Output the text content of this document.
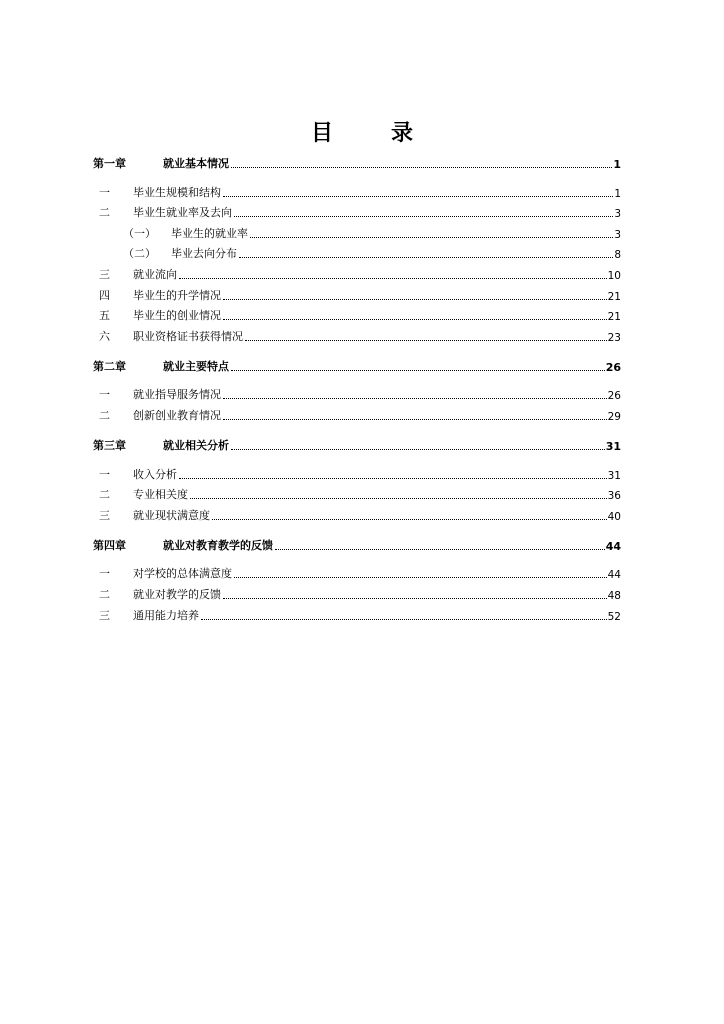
目　录
第一章	就业基本情况	1
一	毕业生规模和结构	1
二	毕业生就业率及去向	3
（一）	毕业生的就业率	3
（二）	毕业去向分布	8
三	就业流向	10
四	毕业生的升学情况	21
五	毕业生的创业情况	21
六	职业资格证书获得情况	23
第二章	就业主要特点	26
一	就业指导服务情况	26
二	创新创业教育情况	29
第三章	就业相关分析	31
一	收入分析	31
二	专业相关度	36
三	就业现状满意度	40
第四章	就业对教育教学的反馈	44
一	对学校的总体满意度	44
二	就业对教学的反馈	48
三	通用能力培养	52
